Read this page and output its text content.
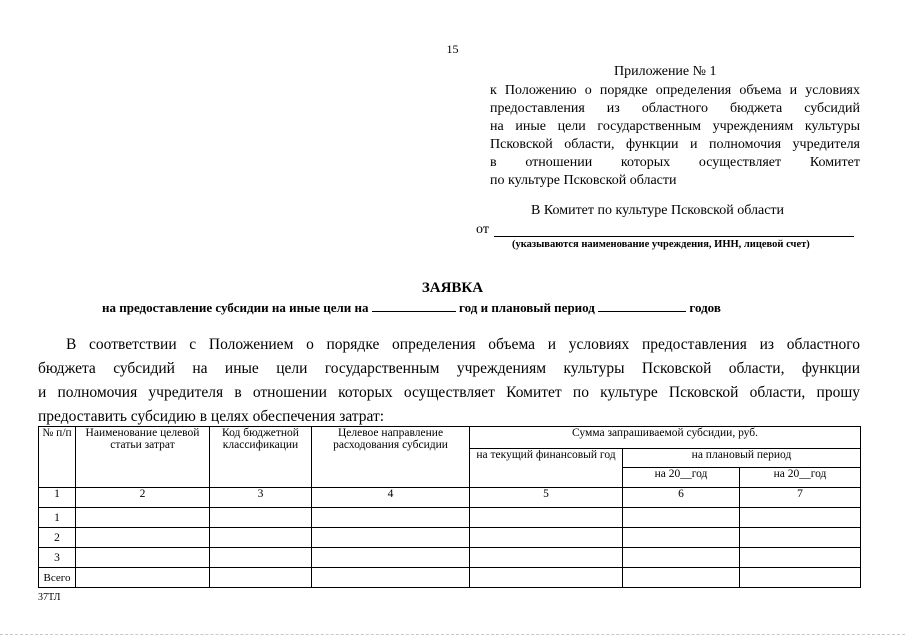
15
Приложение № 1
к Положению о порядке определения объема и условиях
предоставления из областного бюджета субсидий
на иные цели государственным учреждениям культуры
Псковской области, функции и полномочия учредителя
в отношении которых осуществляет Комитет
по культуре Псковской области
В Комитет по культуре Псковской области
от
(указываются наименование учреждения, ИНН, лицевой счет)
ЗАЯВКА
на предоставление субсидии на иные цели на	год и плановый период	годов
В соответствии с Положением о порядке определения объема и условиях предоставления из областного
бюджета субсидий на иные цели государственным учреждениям культуры Псковской области, функции
и полномочия учредителя в отношении которых осуществляет Комитет по культуре Псковской области, прошу
предоставить субсидию в целях обеспечения затрат:
№ п/п	Наименование целевой статьи затрат	Код бюджетной классификации	Целевое направление расходования субсидии	Сумма запрашиваемой субсидии, руб.		
				на текущий финансовый год	на плановый период	
					на 20__год	на 20__год
1	2	3	4	5	6	7
1						
2						
3						
Всего						
37ТЛ
